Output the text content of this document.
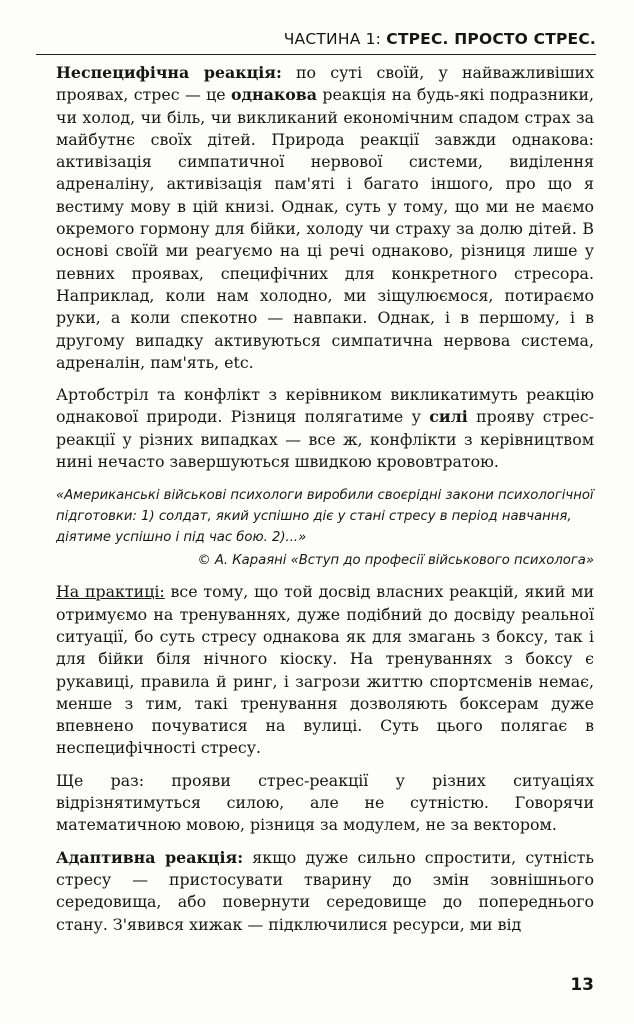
ЧАСТИНА 1: СТРЕС. ПРОСТО СТРЕС.

Неспецифічна реакція: по суті своїй, у найважливіших проявах, стрес — це однакова реакція на будь-які подразники, чи холод, чи біль, чи викликаний економічним спадом страх за майбутнє своїх дітей. Природа реакції завжди однакова: активізація симпатичної нервової системи, виділення адреналіну, активізація пам'яті і багато іншого, про що я вестиму мову в цій книзі. Однак, суть у тому, що ми не маємо окремого гормону для бійки, холоду чи страху за долю дітей. В основі своїй ми реагуємо на ці речі однаково, різниця лише у певних проявах, специфічних для конкретного стресора. Наприклад, коли нам холодно, ми зіщулюємося, потираємо руки, а коли спекотно — навпаки. Однак, і в першому, і в другому випадку активуються симпатична нервова система, адреналін, пам'ять, etc.

Артобстріл та конфлікт з керівником викликатимуть реакцію однакової природи. Різниця полягатиме у силі прояву стрес-реакції у різних випадках — все ж, конфлікти з керівництвом нині нечасто завершуються швидкою крововтратою.

«Американські військові психологи виробили своєрідні закони психологічної підготовки: 1) солдат, який успішно діє у стані стресу в період навчання, діятиме успішно і під час бою. 2)...»

© А. Караяні «Вступ до професії військового психолога»

На практиці: все тому, що той досвід власних реакцій, який ми отримуємо на тренуваннях, дуже подібний до досвіду реальної ситуації, бо суть стресу однакова як для змагань з боксу, так і для бійки біля нічного кіоску. На тренуваннях з боксу є рукавиці, правила й ринг, і загрози життю спортсменів немає, менше з тим, такі тренування дозволяють боксерам дуже впевнено почуватися на вулиці. Суть цього полягає в неспецифічності стресу.

Ще раз: прояви стрес-реакції у різних ситуаціях відрізнятимуться силою, але не сутністю. Говорячи математичною мовою, різниця за модулем, не за вектором.

Адаптивна реакція: якщо дуже сильно спростити, сутність стресу — пристосувати тварину до змін зовнішнього середовища, або повернути середовище до попереднього стану. З'явився хижак — підключилися ресурси, ми від

13
